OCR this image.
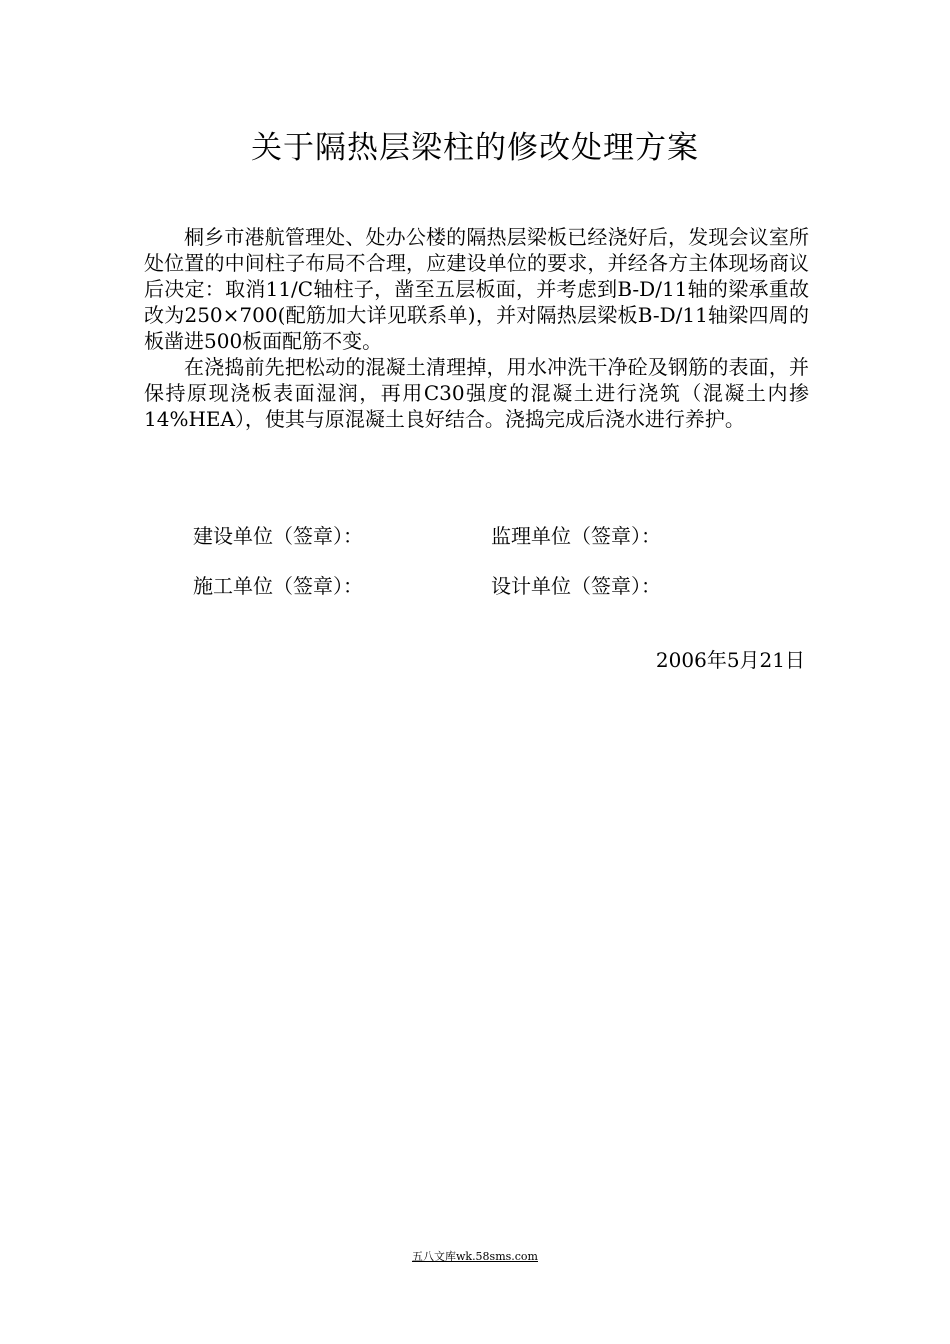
关于隔热层梁柱的修改处理方案

桐乡市港航管理处、处办公楼的隔热层梁板已经浇好后，发现会议室所处位置的中间柱子布局不合理，应建设单位的要求，并经各方主体现场商议后决定：取消11/C轴柱子，凿至五层板面，并考虑到B-D/11轴的梁承重故改为250×700(配筋加大详见联系单)，并对隔热层梁板B-D/11轴梁四周的板凿进500板面配筋不变。

在浇捣前先把松动的混凝土清理掉，用水冲洗干净砼及钢筋的表面，并保持原现浇板表面湿润，再用C30强度的混凝土进行浇筑（混凝土内掺14%HEA），使其与原混凝土良好结合。浇捣完成后浇水进行养护。

建设单位（签章）：	监理单位（签章）：
施工单位（签章）：	设计单位（签章）：
2006年5月21日
五八文库wk.58sms.com
